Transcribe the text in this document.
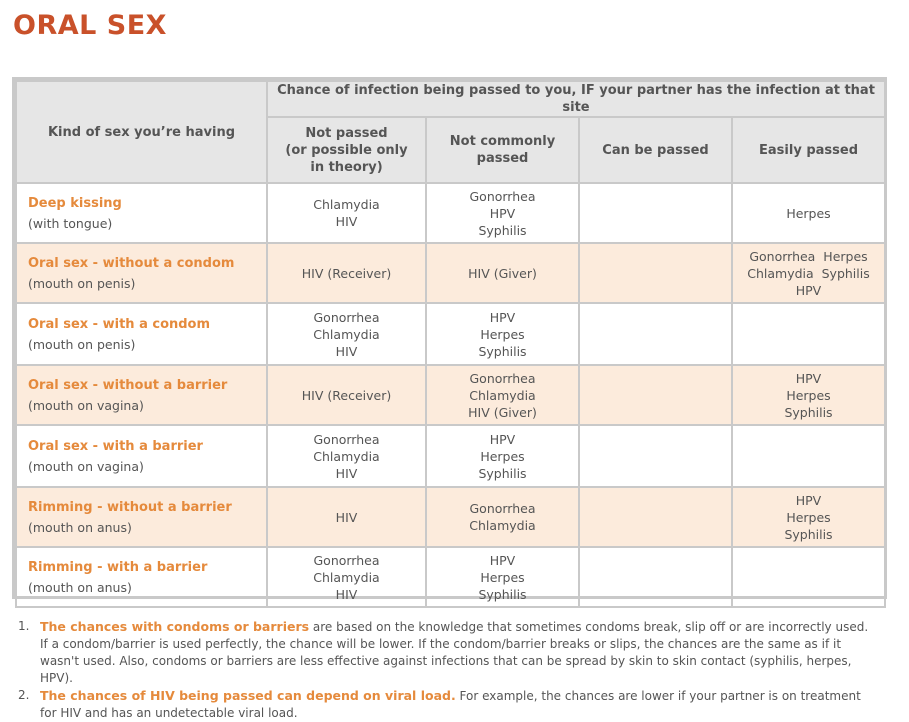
ORAL SEX
Kind of sex you’re having	Chance of infection being passed to you, IF your partner has the infection at that site			

	Not passed
(or possible only
in theory)	Not commonly
passed	Can be passed	Easily passed

Deep kissing
(with tongue)	Chlamydia
HIV	Gonorrhea
HPV
Syphilis		Herpes

Oral sex - without a condom
(mouth on penis)	HIV (Receiver)	HIV (Giver)		Gonorrhea  Herpes
Chlamydia  Syphilis
HPV

Oral sex - with a condom
(mouth on penis)	Gonorrhea
Chlamydia
HIV	HPV
Herpes
Syphilis		

Oral sex - without a barrier
(mouth on vagina)	HIV (Receiver)	Gonorrhea
Chlamydia
HIV (Giver)		HPV
Herpes
Syphilis

Oral sex - with a barrier
(mouth on vagina)	Gonorrhea
Chlamydia
HIV	HPV
Herpes
Syphilis		

Rimming - without a barrier
(mouth on anus)	HIV	Gonorrhea
Chlamydia		HPV
Herpes
Syphilis

Rimming - with a barrier
(mouth on anus)	Gonorrhea
Chlamydia
HIV	HPV
Herpes
Syphilis		

1. The chances with condoms or barriers are based on the knowledge that sometimes condoms break, slip off or are incorrectly used. If a condom/barrier is used perfectly, the chance will be lower. If the condom/barrier breaks or slips, the chances are the same as if it wasn't used. Also, condoms or barriers are less effective against infections that can be spread by skin to skin contact (syphilis, herpes, HPV).
2. The chances of HIV being passed can depend on viral load. For example, the chances are lower if your partner is on treatment for HIV and has an undetectable viral load.
